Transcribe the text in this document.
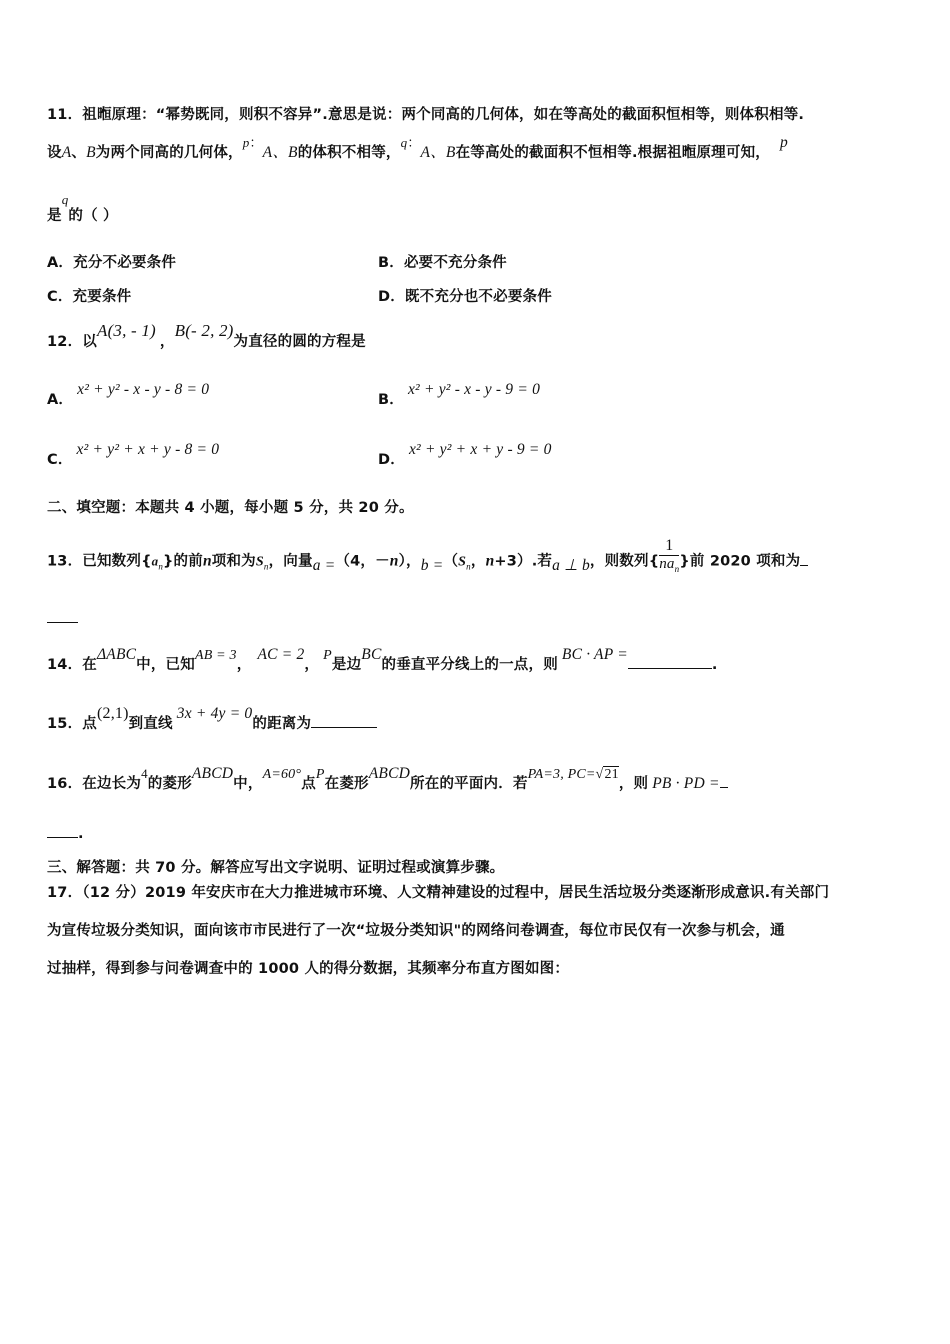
11．祖暅原理：“幂势既同，则积不容异”.意思是说：两个同高的几何体，如在等高处的截面积恒相等，则体积相等.
设A、B为两个同高的几何体，p：A、B的体积不相等，q：A、B在等高处的截面积不恒相等.根据祖暅原理可知，p
是q的（ ）
A．充分不必要条件	B．必要不充分条件
C．充要条件	D．既不充分也不必要条件
12．以A(3, - 1)，B(- 2, 2)为直径的圆的方程是
A．x² + y² - x - y - 8 = 0
B．x² + y² - x - y - 9 = 0
C．x² + y² + x + y - 8 = 0
D．x² + y² + x + y - 9 = 0
二、填空题：本题共 4 小题，每小题 5 分，共 20 分。
13．已知数列$\{a_n\}$的前n项和为$S_n$，向量a =（4，－n），$b =(S_n$，n+3）.若a ⊥ b，则数列{ $\frac{1}{na_n}$ }前 2020 项和为
14．在ΔABC中，已知AB = 3，AC = 2，P是边BC的垂直平分线上的一点，则BC · AP =.
15．点(2,1)到直线3x + 4y = 0的距离为
16．在边长为4的菱形ABCD中，A=60°点P在菱形ABCD所在的平面内．若PA=3, PC=√21，则 PB · PD =
.
三、解答题：共 70 分。解答应写出文字说明、证明过程或演算步骤。
17．（12 分）2019 年安庆市在大力推进城市环境、人文精神建设的过程中，居民生活垃圾分类逐渐形成意识.有关部门
为宣传垃圾分类知识，面向该市市民进行了一次“垃圾分类知识"的网络问卷调查，每位市民仅有一次参与机会，通
过抽样，得到参与问卷调查中的 1000 人的得分数据，其频率分布直方图如图：
